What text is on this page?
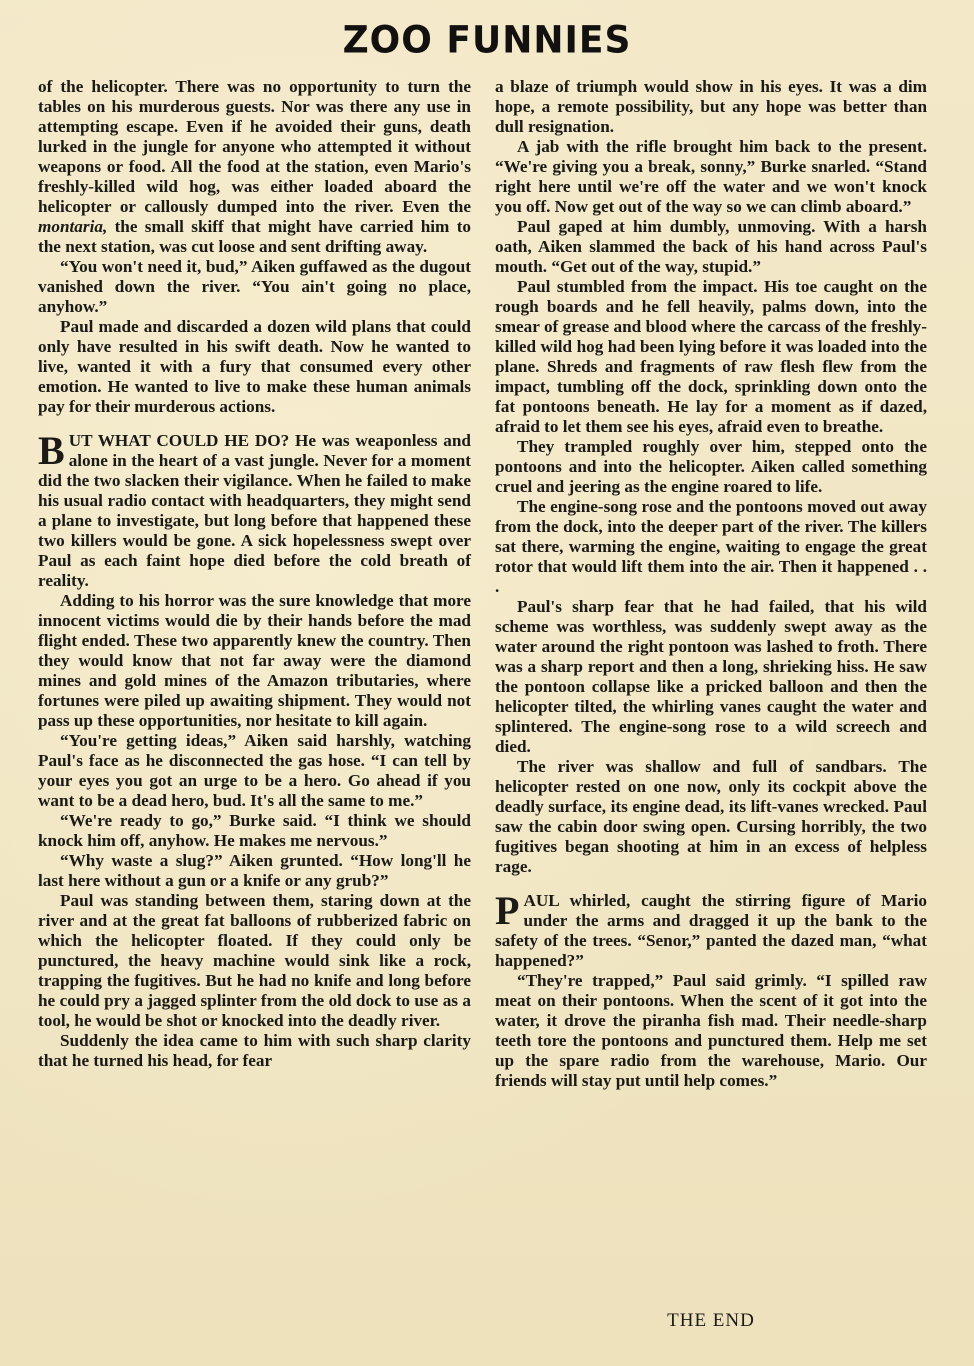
ZOO FUNNIES

of the helicopter. There was no opportunity to turn the tables on his murderous guests. Nor was there any use in attempting escape. Even if he avoided their guns, death lurked in the jungle for anyone who attempted it without weapons or food. All the food at the station, even Mario's freshly-killed wild hog, was either loaded aboard the helicopter or callously dumped into the river. Even the montaria, the small skiff that might have carried him to the next station, was cut loose and sent drifting away.

“You won't need it, bud,” Aiken guffawed as the dugout vanished down the river. “You ain't going no place, anyhow.”

Paul made and discarded a dozen wild plans that could only have resulted in his swift death. Now he wanted to live, wanted it with a fury that consumed every other emotion. He wanted to live to make these human animals pay for their murderous actions.

BUT WHAT COULD HE DO? He was weaponless and alone in the heart of a vast jungle. Never for a moment did the two slacken their vigilance. When he failed to make his usual radio contact with headquarters, they might send a plane to investigate, but long before that happened these two killers would be gone. A sick hopelessness swept over Paul as each faint hope died before the cold breath of reality.

Adding to his horror was the sure knowledge that more innocent victims would die by their hands before the mad flight ended. These two apparently knew the country. Then they would know that not far away were the diamond mines and gold mines of the Amazon tributaries, where fortunes were piled up awaiting shipment. They would not pass up these opportunities, nor hesitate to kill again.

“You're getting ideas,” Aiken said harshly, watching Paul's face as he disconnected the gas hose. “I can tell by your eyes you got an urge to be a hero. Go ahead if you want to be a dead hero, bud. It's all the same to me.”

“We're ready to go,” Burke said. “I think we should knock him off, anyhow. He makes me nervous.”

“Why waste a slug?” Aiken grunted. “How long'll he last here without a gun or a knife or any grub?”

Paul was standing between them, staring down at the river and at the great fat balloons of rubberized fabric on which the helicopter floated. If they could only be punctured, the heavy machine would sink like a rock, trapping the fugitives. But he had no knife and long before he could pry a jagged splinter from the old dock to use as a tool, he would be shot or knocked into the deadly river.

Suddenly the idea came to him with such sharp clarity that he turned his head, for fear

a blaze of triumph would show in his eyes. It was a dim hope, a remote possibility, but any hope was better than dull resignation.

A jab with the rifle brought him back to the present. “We're giving you a break, sonny,” Burke snarled. “Stand right here until we're off the water and we won't knock you off. Now get out of the way so we can climb aboard.”

Paul gaped at him dumbly, unmoving. With a harsh oath, Aiken slammed the back of his hand across Paul's mouth. “Get out of the way, stupid.”

Paul stumbled from the impact. His toe caught on the rough boards and he fell heavily, palms down, into the smear of grease and blood where the carcass of the freshly-killed wild hog had been lying before it was loaded into the plane. Shreds and fragments of raw flesh flew from the impact, tumbling off the dock, sprinkling down onto the fat pontoons beneath. He lay for a moment as if dazed, afraid to let them see his eyes, afraid even to breathe.

They trampled roughly over him, stepped onto the pontoons and into the helicopter. Aiken called something cruel and jeering as the engine roared to life.

The engine-song rose and the pontoons moved out away from the dock, into the deeper part of the river. The killers sat there, warming the engine, waiting to engage the great rotor that would lift them into the air. Then it happened . . .

Paul's sharp fear that he had failed, that his wild scheme was worthless, was suddenly swept away as the water around the right pontoon was lashed to froth. There was a sharp report and then a long, shrieking hiss. He saw the pontoon collapse like a pricked balloon and then the helicopter tilted, the whirling vanes caught the water and splintered. The engine-song rose to a wild screech and died.

The river was shallow and full of sandbars. The helicopter rested on one now, only its cockpit above the deadly surface, its engine dead, its lift-vanes wrecked. Paul saw the cabin door swing open. Cursing horribly, the two fugitives began shooting at him in an excess of helpless rage.

PAUL whirled, caught the stirring figure of Mario under the arms and dragged it up the bank to the safety of the trees. “Senor,” panted the dazed man, “what happened?”

“They're trapped,” Paul said grimly. “I spilled raw meat on their pontoons. When the scent of it got into the water, it drove the piranha fish mad. Their needle-sharp teeth tore the pontoons and punctured them. Help me set up the spare radio from the warehouse, Mario. Our friends will stay put until help comes.”

THE END
